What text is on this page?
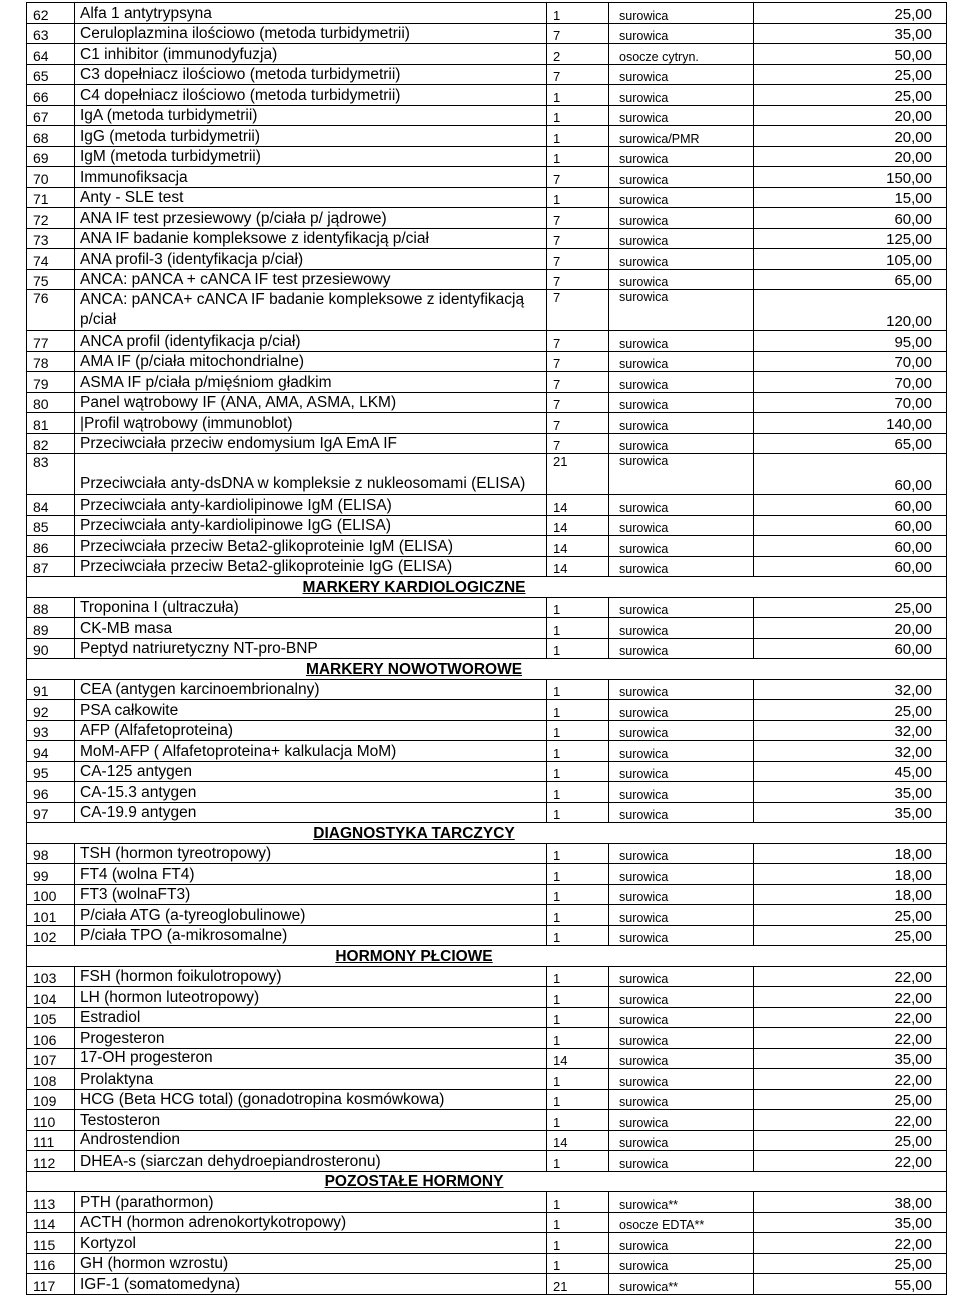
62	Alfa 1 antytrypsyna	1	surowica	25,00
63	Ceruloplazmina ilościowo (metoda turbidymetrii)	7	surowica	35,00
64	C1 inhibitor (immunodyfuzja)	2	osocze cytryn.	50,00
65	C3 dopełniacz ilościowo (metoda turbidymetrii)	7	surowica	25,00
66	C4 dopełniacz ilościowo (metoda turbidymetrii)	1	surowica	25,00
67	IgA (metoda turbidymetrii)	1	surowica	20,00
68	IgG (metoda turbidymetrii)	1	surowica/PMR	20,00
69	IgM (metoda turbidymetrii)	1	surowica	20,00
70	Immunofiksacja	7	surowica	150,00
71	Anty - SLE test	1	surowica	15,00
72	ANA IF test przesiewowy (p/ciała p/ jądrowe)	7	surowica	60,00
73	ANA IF badanie kompleksowe z identyfikacją p/ciał	7	surowica	125,00
74	ANA profil-3 (identyfikacja p/ciał)	7	surowica	105,00
75	ANCA: pANCA + cANCA IF test przesiewowy	7	surowica	65,00
76	ANCA: pANCA+ cANCA IF badanie kompleksowe z identyfikacją p/ciał	7	surowica	120,00
77	ANCA profil (identyfikacja p/ciał)	7	surowica	95,00
78	AMA IF (p/ciała mitochondrialne)	7	surowica	70,00
79	ASMA IF p/ciała p/mięśniom gładkim	7	surowica	70,00
80	Panel wątrobowy IF (ANA, AMA, ASMA, LKM)	7	surowica	70,00
81	|Profil wątrobowy (immunoblot)	7	surowica	140,00
82	Przeciwciała przeciw endomysium IgA EmA IF	7	surowica	65,00
83	Przeciwciała anty-dsDNA w kompleksie z nukleosomami (ELISA)	21	surowica	60,00
84	Przeciwciała anty-kardiolipinowe IgM (ELISA)	14	surowica	60,00
85	Przeciwciała anty-kardiolipinowe IgG (ELISA)	14	surowica	60,00
86	Przeciwciała przeciw Beta2-glikoproteinie IgM (ELISA)	14	surowica	60,00
87	Przeciwciała przeciw Beta2-glikoproteinie IgG (ELISA)	14	surowica	60,00
	MARKERY KARDIOLOGICZNE			
88	Troponina I (ultraczuła)	1	surowica	25,00
89	CK-MB masa	1	surowica	20,00
90	Peptyd natriuretyczny NT-pro-BNP	1	surowica	60,00
	MARKERY NOWOTWOROWE			
91	CEA (antygen karcinoembrionalny)	1	surowica	32,00
92	PSA całkowite	1	surowica	25,00
93	AFP (Alfafetoproteina)	1	surowica	32,00
94	MoM-AFP ( Alfafetoproteina+ kalkulacja MoM)	1	surowica	32,00
95	CA-125 antygen	1	surowica	45,00
96	CA-15.3 antygen	1	surowica	35,00
97	CA-19.9 antygen	1	surowica	35,00
	DIAGNOSTYKA TARCZYCY			
98	TSH (hormon tyreotropowy)	1	surowica	18,00
99	FT4 (wolna FT4)	1	surowica	18,00
100	FT3 (wolnaFT3)	1	surowica	18,00
101	P/ciała ATG (a-tyreoglobulinowe)	1	surowica	25,00
102	P/ciała TPO (a-mikrosomalne)	1	surowica	25,00
	HORMONY PŁCIOWE			
103	FSH (hormon foikulotropowy)	1	surowica	22,00
104	LH (hormon luteotropowy)	1	surowica	22,00
105	Estradiol	1	surowica	22,00
106	Progesteron	1	surowica	22,00
107	17-OH progesteron	14	surowica	35,00
108	Prolaktyna	1	surowica	22,00
109	HCG (Beta HCG total) (gonadotropina kosmówkowa)	1	surowica	25,00
110	Testosteron	1	surowica	22,00
111	Androstendion	14	surowica	25,00
112	DHEA-s (siarczan dehydroepiandrosteronu)	1	surowica	22,00
	POZOSTAŁE HORMONY			
113	PTH (parathormon)	1	surowica**	38,00
114	ACTH (hormon adrenokortykotropowy)	1	osocze EDTA**	35,00
115	Kortyzol	1	surowica	22,00
116	GH (hormon wzrostu)	1	surowica	25,00
117	IGF-1 (somatomedyna)	21	surowica**	55,00
